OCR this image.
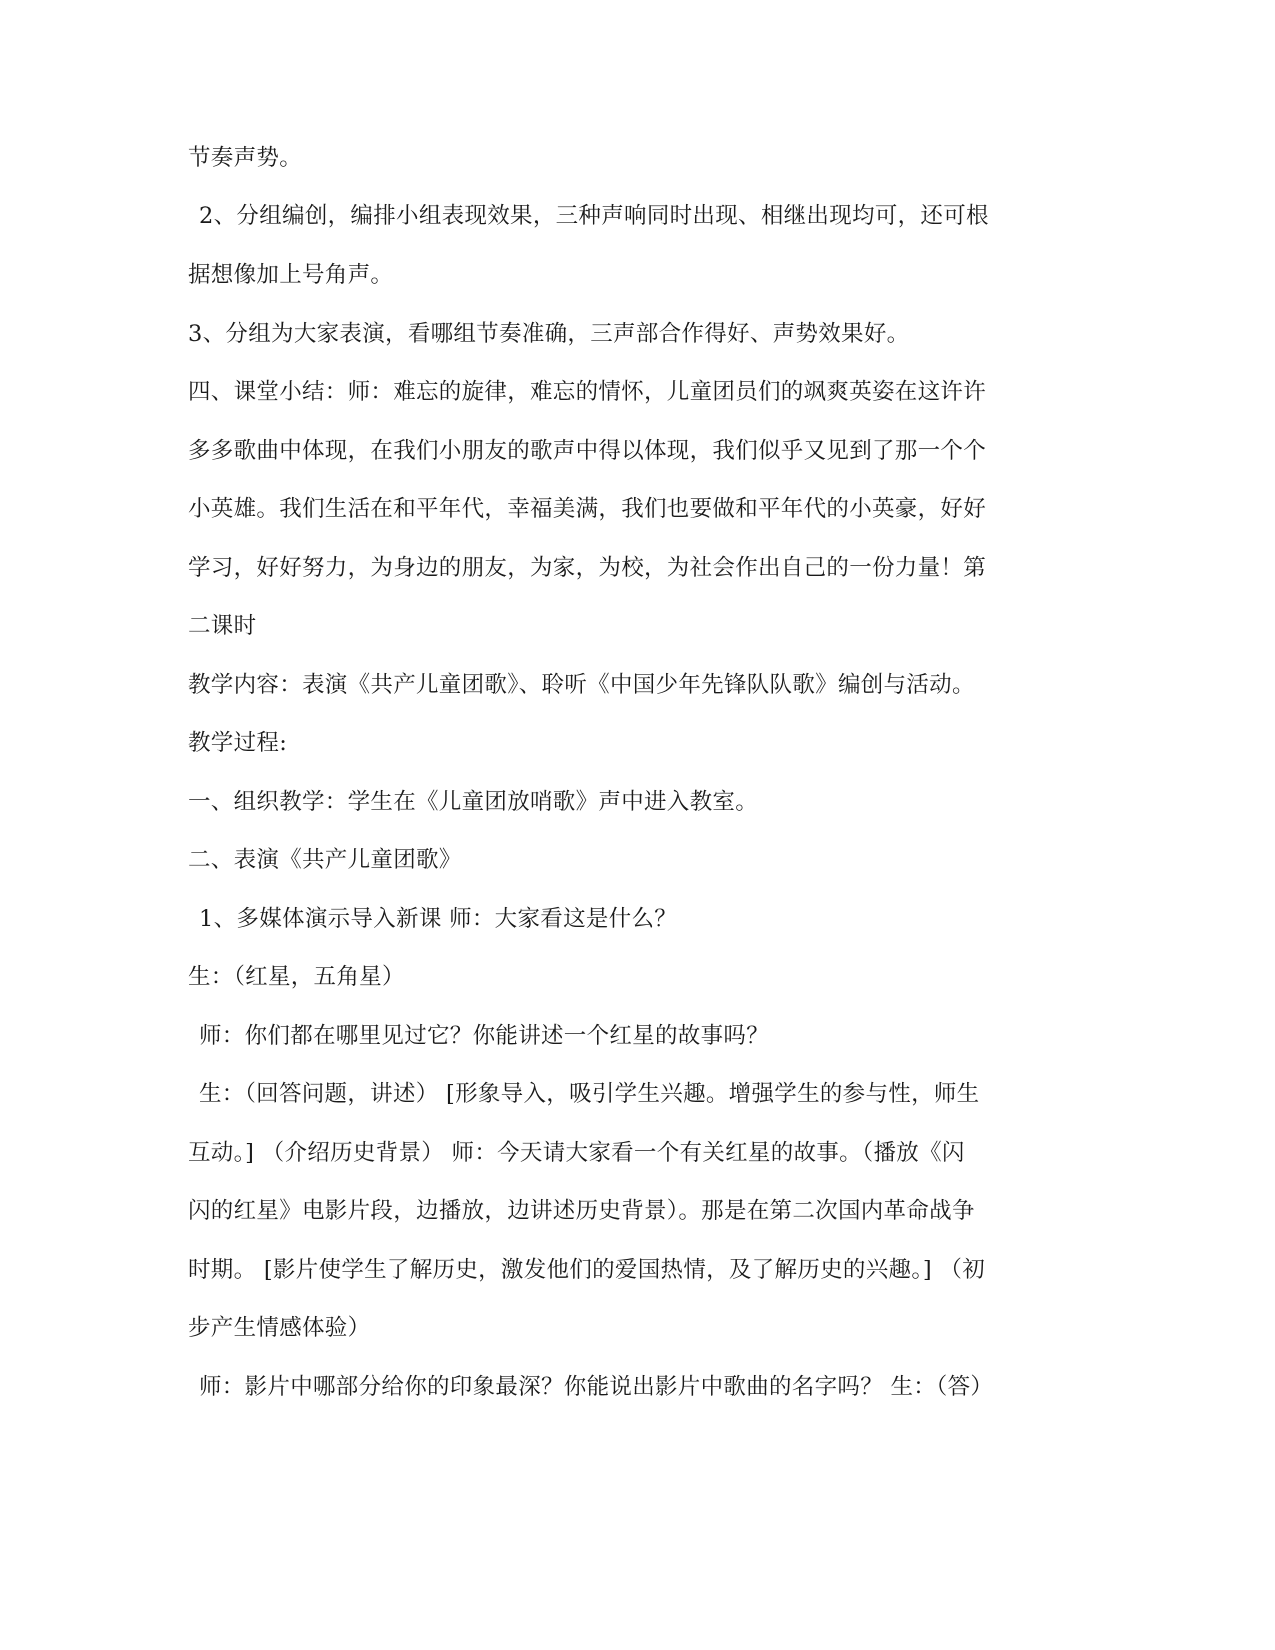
节奏声势。

2、分组编创，编排小组表现效果，三种声响同时出现、相继出现均可，还可根

据想像加上号角声。

3、分组为大家表演，看哪组节奏准确，三声部合作得好、声势效果好。

四、课堂小结：师：难忘的旋律，难忘的情怀，儿童团员们的飒爽英姿在这许许

多多歌曲中体现，在我们小朋友的歌声中得以体现，我们似乎又见到了那一个个

小英雄。我们生活在和平年代，幸福美满，我们也要做和平年代的小英豪，好好

学习，好好努力，为身边的朋友，为家，为校，为社会作出自己的一份力量！第

二课时

教学内容：表演《共产儿童团歌》、聆听《中国少年先锋队队歌》编创与活动。

教学过程:

一、组织教学：学生在《儿童团放哨歌》声中进入教室。

二、表演《共产儿童团歌》

1、多媒体演示导入新课 师：大家看这是什么？

生：（红星，五角星）

师：你们都在哪里见过它？你能讲述一个红星的故事吗？

生：（回答问题，讲述） [形象导入，吸引学生兴趣。增强学生的参与性，师生

互动。] （介绍历史背景） 师：今天请大家看一个有关红星的故事。（播放《闪

闪的红星》电影片段，边播放，边讲述历史背景）。那是在第二次国内革命战争

时期。 [影片使学生了解历史，激发他们的爱国热情，及了解历史的兴趣。] （初

步产生情感体验）

师：影片中哪部分给你的印象最深？你能说出影片中歌曲的名字吗？ 生：（答）
